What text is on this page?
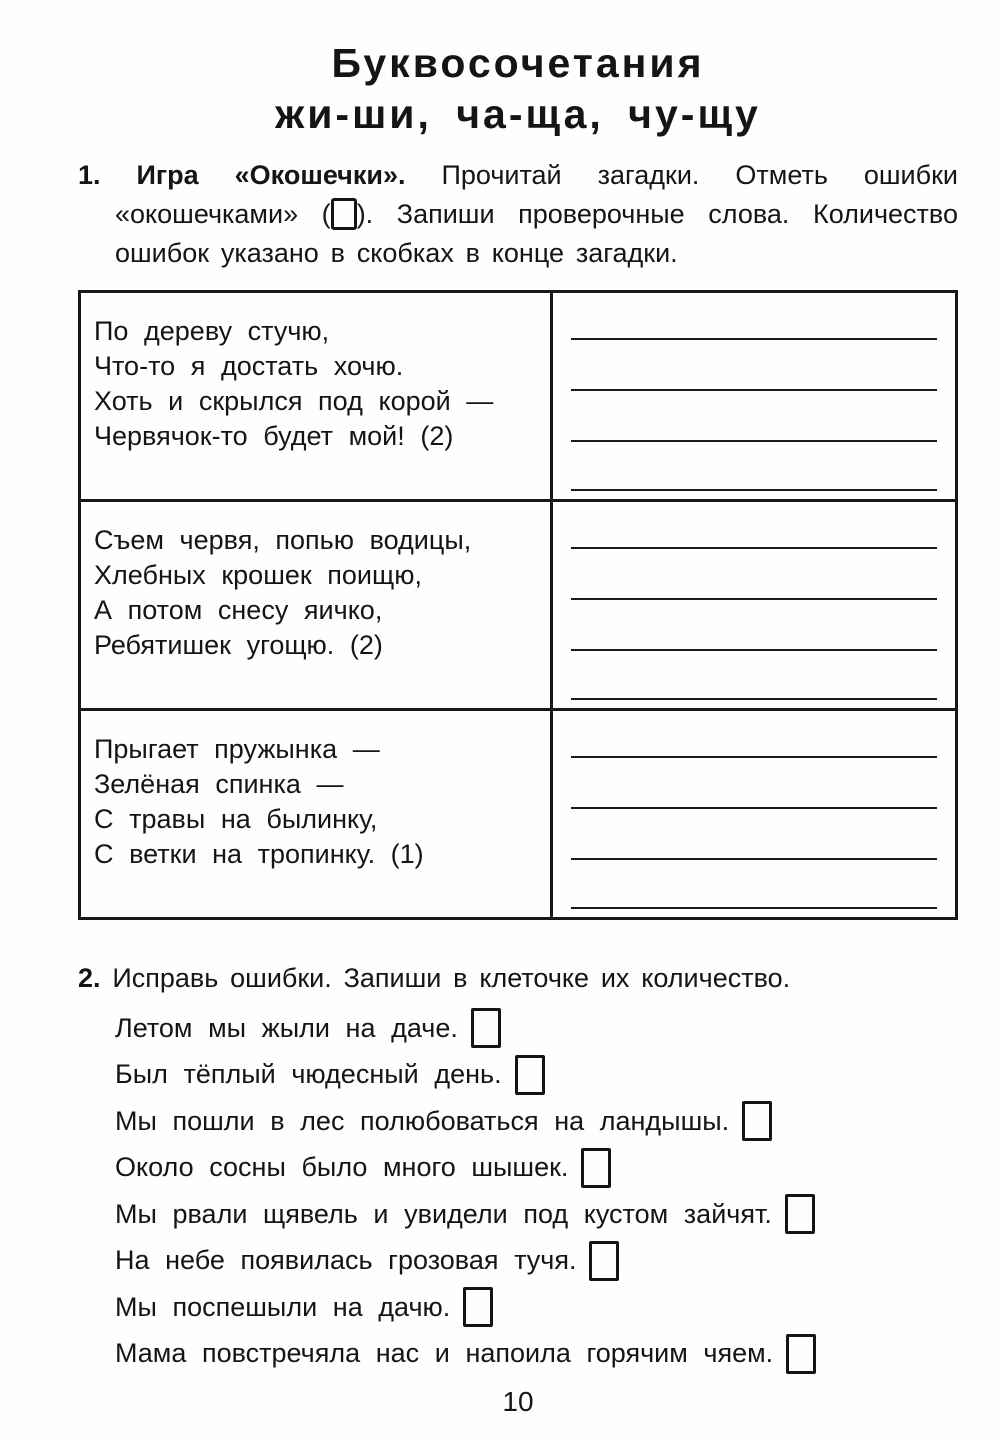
Буквосочетания
жи-ши, ча-ща, чу-щу
1. Игра «Окошечки». Прочитай загадки. Отметь ошибки «окошечками» ( ). Запиши проверочные слова. Количество ошибок указано в скобках в конце загадки.
По дереву стучю,
Что-то я достать хочю.
Хоть и скрылся под корой —
Червячок-то будет мой! (2)	

Съем червя, попью водицы,
Хлебных крошек поищю,
А потом снесу яичко,
Ребятишек угощю. (2)	

Прыгает пружынка —
Зелёная спинка —
С травы на былинку,
С ветки на тропинку. (1)	

2. Исправь ошибки. Запиши в клеточке их количество.
Летом мы жыли на даче.
Был тёплый чюдесный день.
Мы пошли в лес полюбоваться на ландышы.
Около сосны было много шышек.
Мы рвали щявель и увидели под кустом зайчят.
На небе появилась грозовая тучя.
Мы поспешыли на дачю.
Мама повстречяла нас и напоила горячим чяем.
10
